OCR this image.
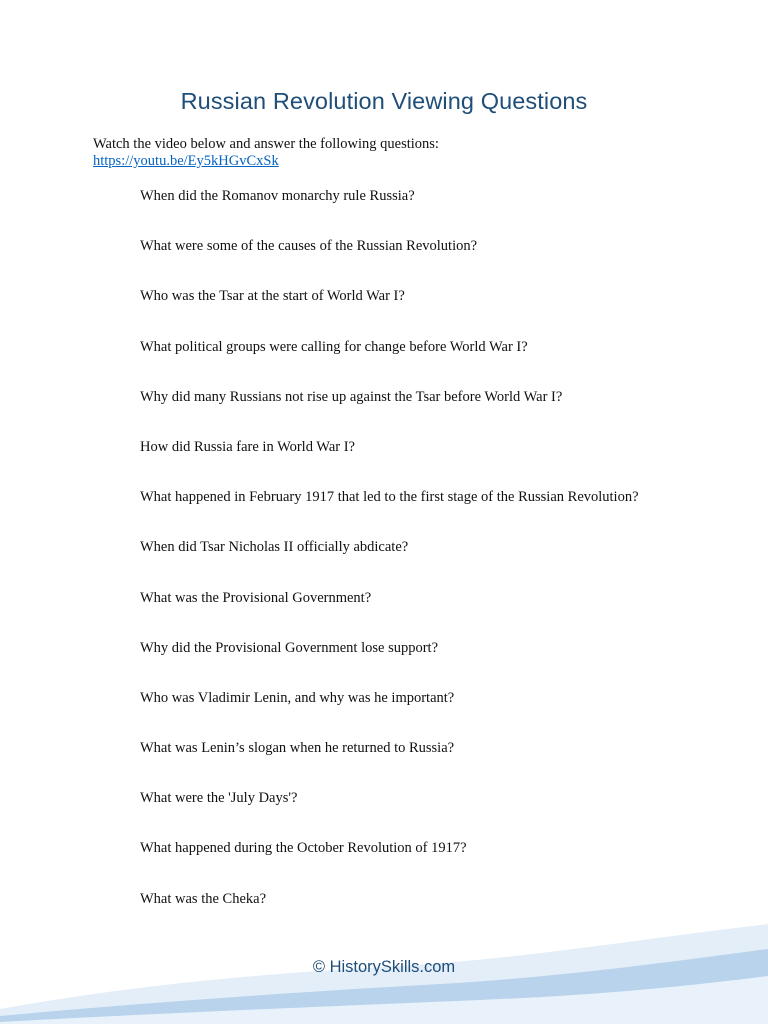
Russian Revolution Viewing Questions
Watch the video below and answer the following questions:
https://youtu.be/Ey5kHGvCxSk
When did the Romanov monarchy rule Russia?
What were some of the causes of the Russian Revolution?
Who was the Tsar at the start of World War I?
What political groups were calling for change before World War I?
Why did many Russians not rise up against the Tsar before World War I?
How did Russia fare in World War I?
What happened in February 1917 that led to the first stage of the Russian Revolution?
When did Tsar Nicholas II officially abdicate?
What was the Provisional Government?
Why did the Provisional Government lose support?
Who was Vladimir Lenin, and why was he important?
What was Lenin’s slogan when he returned to Russia?
What were the 'July Days'?
What happened during the October Revolution of 1917?
What was the Cheka?
© HistorySkills.com
